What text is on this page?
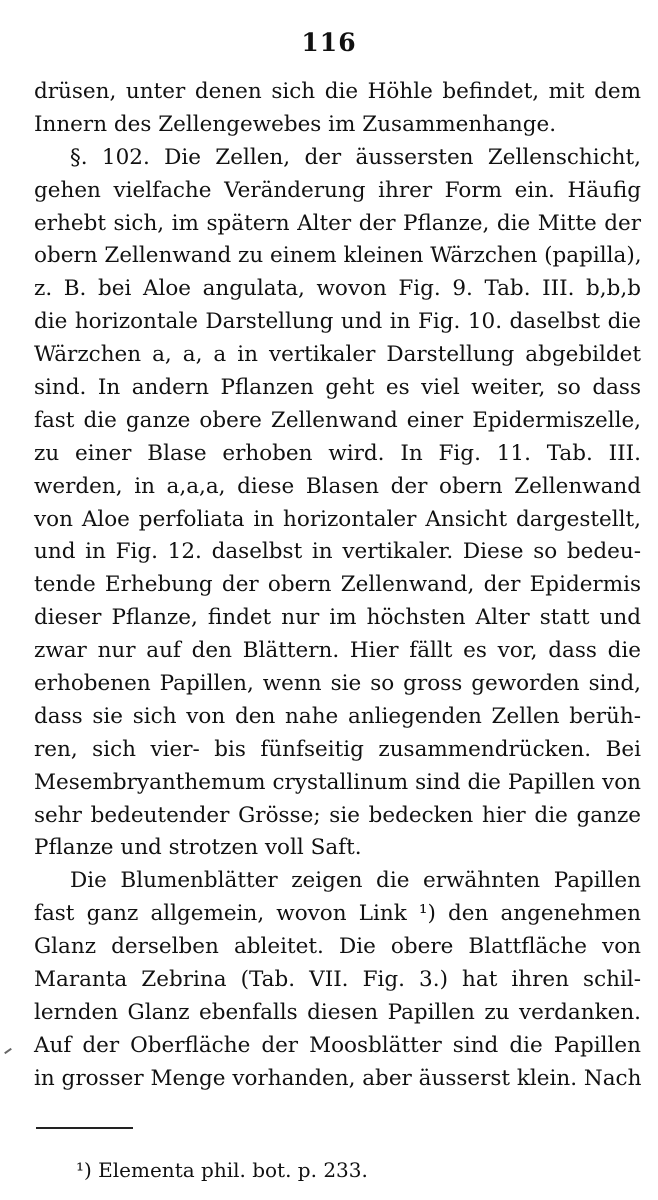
116
drüsen, unter denen sich die Höhle befindet, mit dem
Innern des Zellengewebes im Zusammenhange.
§. 102. Die Zellen, der äussersten Zellenschicht,
gehen vielfache Veränderung ihrer Form ein. Häufig
erhebt sich, im spätern Alter der Pflanze, die Mitte der
obern Zellenwand zu einem kleinen Wärzchen (papilla),
z. B. bei Aloe angulata, wovon Fig. 9. Tab. III. b,b,b
die horizontale Darstellung und in Fig. 10. daselbst die
Wärzchen a, a, a in vertikaler Darstellung abgebildet
sind. In andern Pflanzen geht es viel weiter, so dass
fast die ganze obere Zellenwand einer Epidermiszelle,
zu einer Blase erhoben wird. In Fig. 11. Tab. III.
werden, in a,a,a, diese Blasen der obern Zellenwand
von Aloe perfoliata in horizontaler Ansicht dargestellt,
und in Fig. 12. daselbst in vertikaler. Diese so bedeu-
tende Erhebung der obern Zellenwand, der Epidermis
dieser Pflanze, findet nur im höchsten Alter statt und
zwar nur auf den Blättern. Hier fällt es vor, dass die
erhobenen Papillen, wenn sie so gross geworden sind,
dass sie sich von den nahe anliegenden Zellen berüh-
ren, sich vier- bis fünfseitig zusammendrücken. Bei
Mesembryanthemum crystallinum sind die Papillen von
sehr bedeutender Grösse; sie bedecken hier die ganze
Pflanze und strotzen voll Saft.
Die Blumenblätter zeigen die erwähnten Papillen
fast ganz allgemein, wovon Link ¹) den angenehmen
Glanz derselben ableitet. Die obere Blattfläche von
Maranta Zebrina (Tab. VII. Fig. 3.) hat ihren schil-
lernden Glanz ebenfalls diesen Papillen zu verdanken.
Auf der Oberfläche der Moosblätter sind die Papillen
in grosser Menge vorhanden, aber äusserst klein. Nach
¹) Elementa phil. bot. p. 233.
